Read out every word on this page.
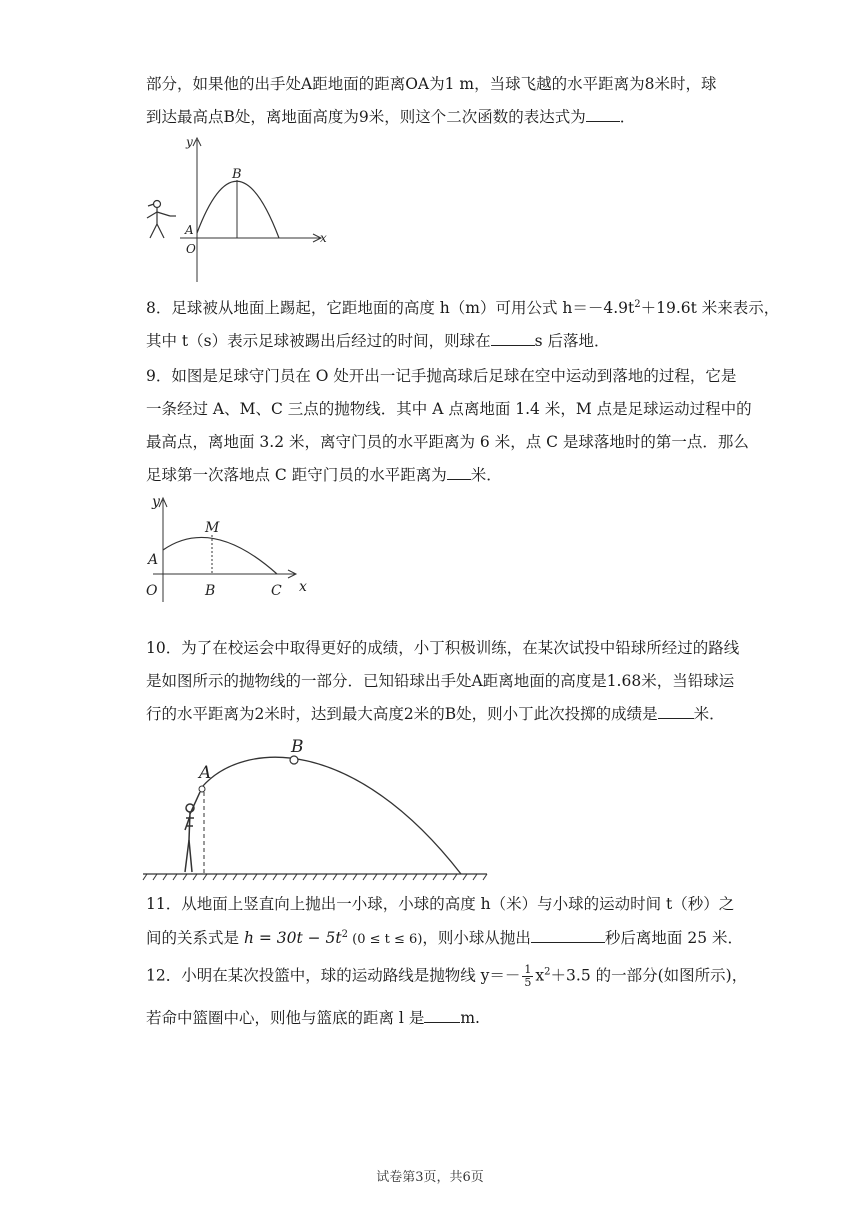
部分，如果他的出手处A距地面的距离OA为1 m，当球飞越的水平距离为8米时，球
到达最高点B处，离地面高度为9米，则这个二次函数的表达式为 ．
y
x
B
A
O
8．足球被从地面上踢起，它距地面的高度 h（m）可用公式 $h=-4.9t^2+19.6t$ 米来表示，
其中 t（s）表示足球被踢出后经过的时间，则球在	s 后落地．
9．如图是足球守门员在 O 处开出一记手抛高球后足球在空中运动到落地的过程，它是
一条经过 A、M、C 三点的抛物线．其中 A 点离地面 1.4 米，M 点是足球运动过程中的
最高点，离地面 3.2 米，离守门员的水平距离为 6 米，点 C 是球落地时的第一点．那么
足球第一次落地点 C 距守门员的水平距离为 米．
y
x
M
A
O	B	C
10．为了在校运会中取得更好的成绩，小丁积极训练，在某次试投中铅球所经过的路线
是如图所示的抛物线的一部分．已知铅球出手处A距离地面的高度是1.68米，当铅球运
行的水平距离为2米时，达到最大高度2米的B处，则小丁此次投掷的成绩是 米．
A
B
11．从地面上竖直向上抛出一小球，小球的高度 h（米）与小球的运动时间 t（秒）之
间的关系式是 $h = 30t - 5t^2$ (0 ≤ t ≤ 6)，则小球从抛出	秒后离地面 25 米．
12．小明在某次投篮中，球的运动路线是抛物线 $y=- \frac{1}{5} x^2+3.5$ 的一部分(如图所示)，
若命中篮圈中心，则他与篮底的距离 l 是 m.
试卷第3页，共6页
